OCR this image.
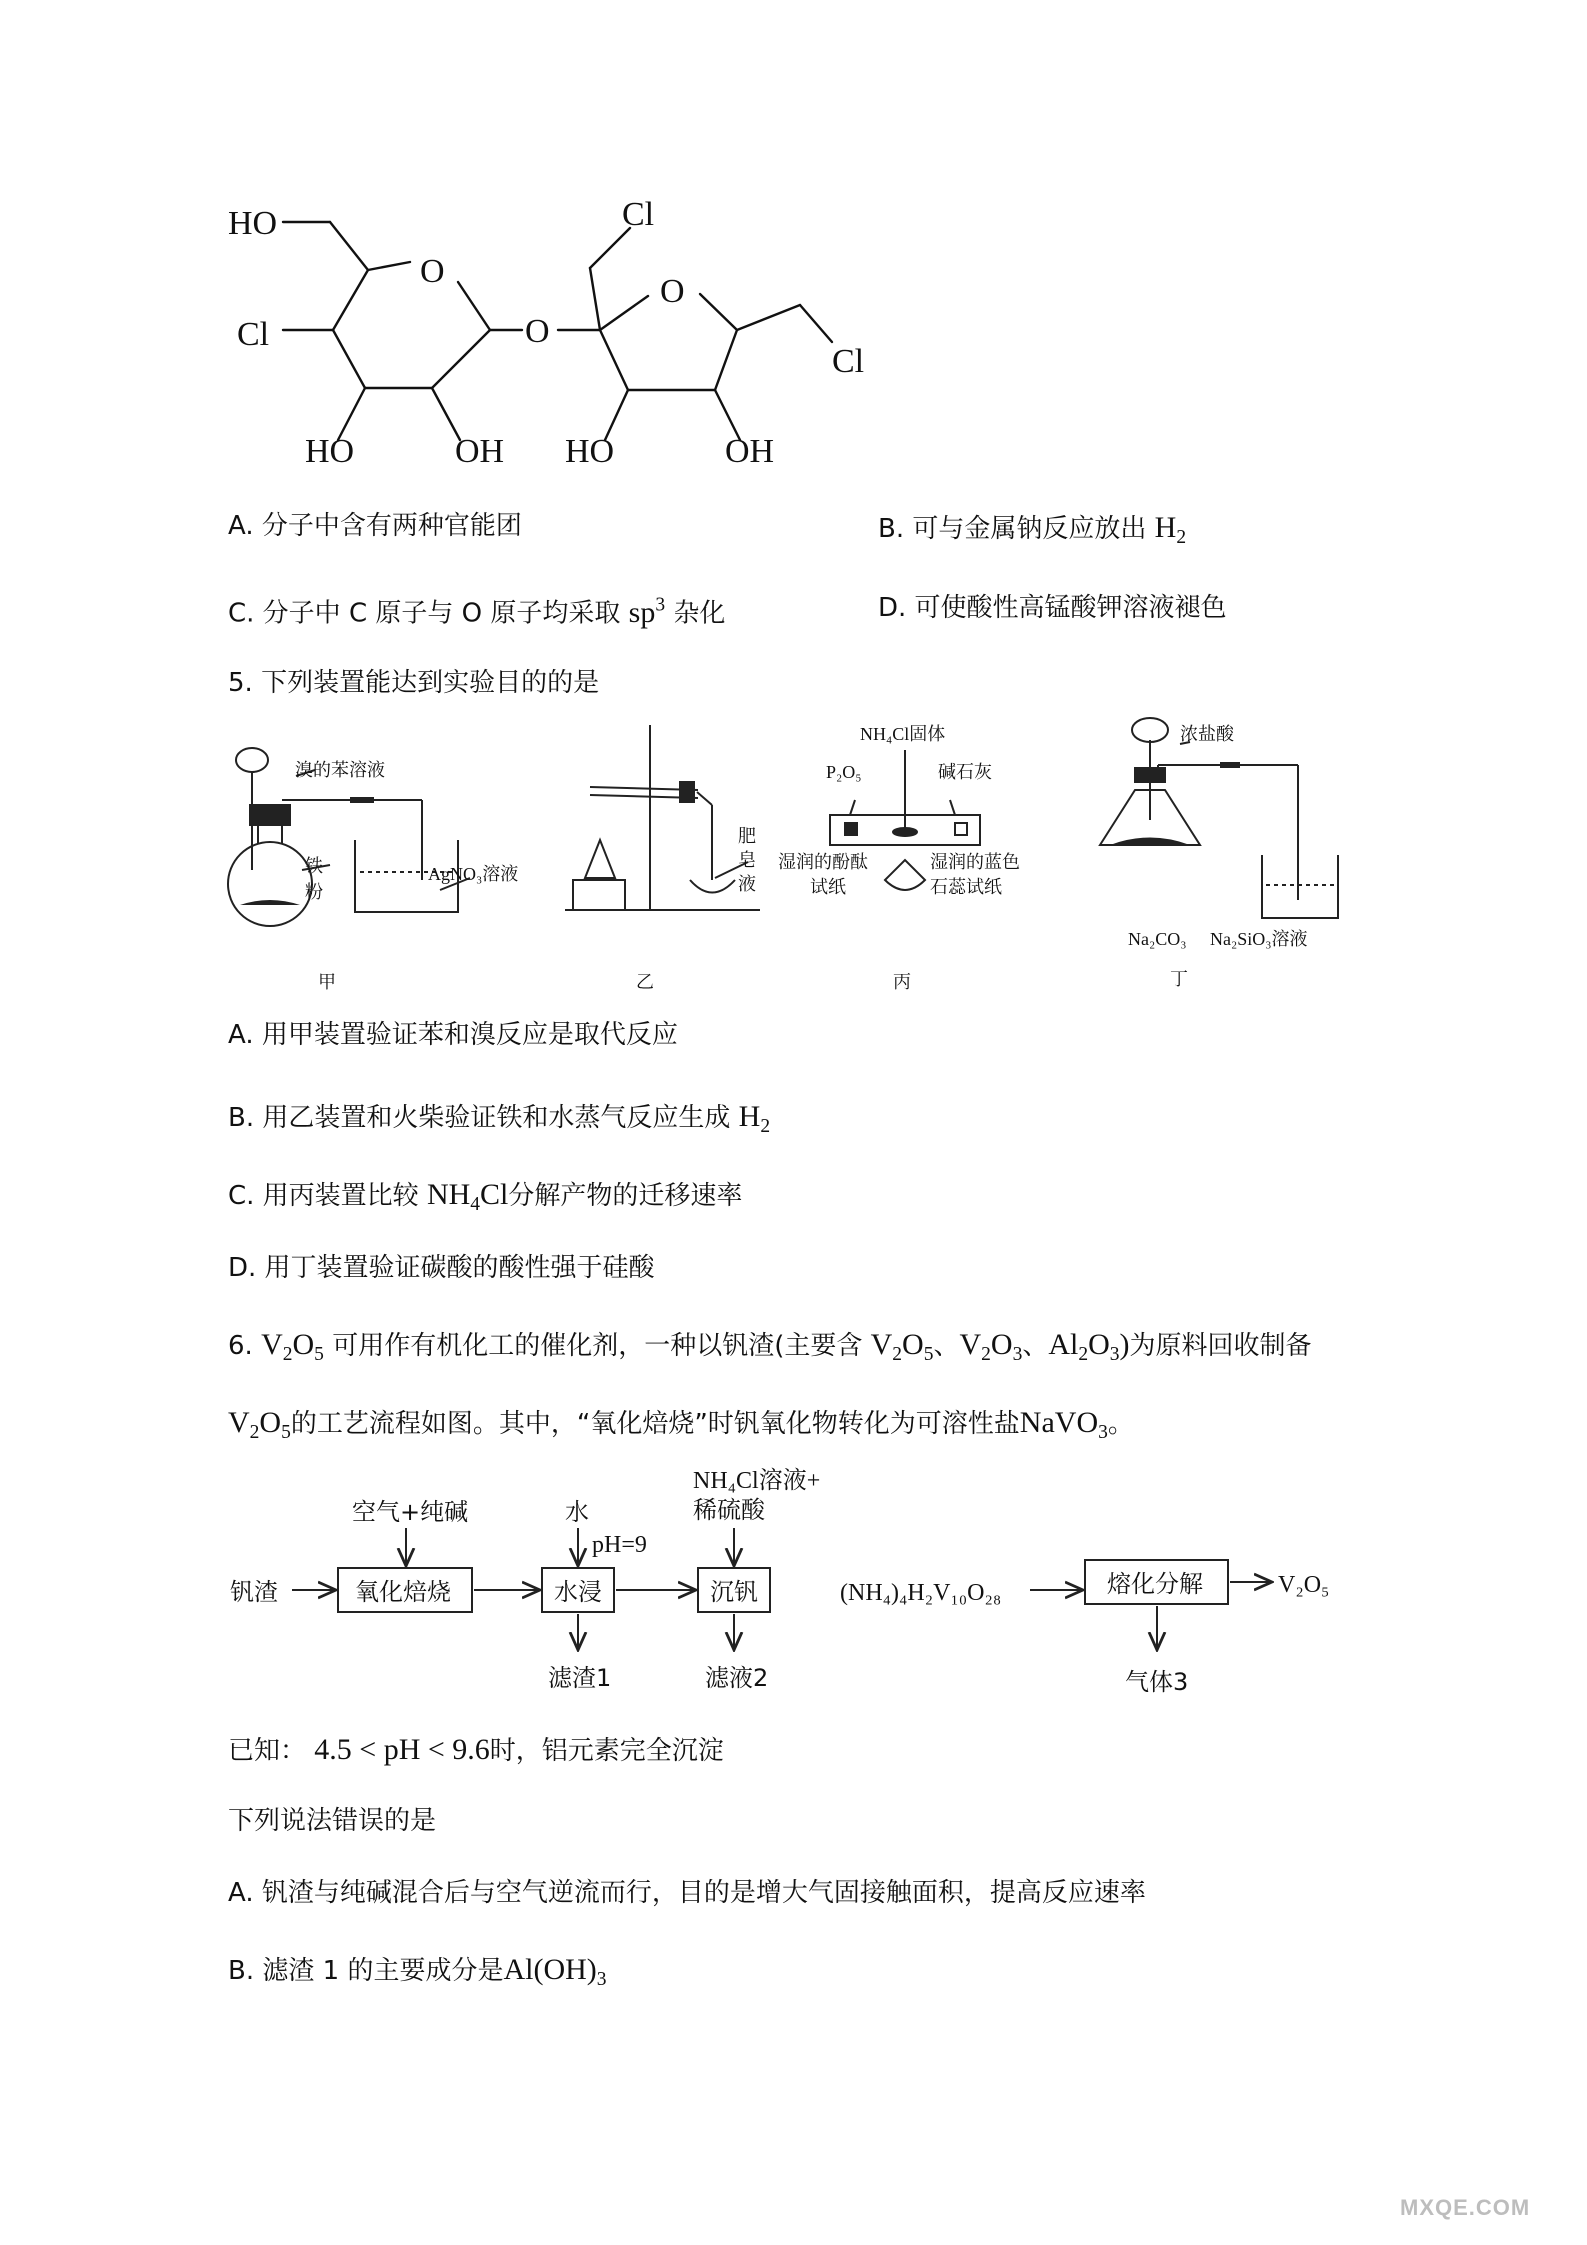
HO
O
Cl	O
HO	OH
Cl
O
Cl
HO	OH
A. 分子中含有两种官能团	B. 可与金属钠反应放出 $H_2$
C. 分子中 C 原子与 O 原子均采取 $sp^3$ 杂化	D. 可使酸性高锰酸钾溶液褪色
5. 下列装置能达到实验目的的是
溴的苯溶液
铁
粉
AgNO₃溶液
甲
肥
皂
液
乙
NH₄Cl固体
P₂O₅	碱石灰
湿润的酚酞
试纸
湿润的蓝色
石蕊试纸
丙
浓盐酸
Na₂CO₃ Na₂SiO₃溶液
丁
A. 用甲装置验证苯和溴反应是取代反应
B. 用乙装置和火柴验证铁和水蒸气反应生成 $H_2$
C. 用丙装置比较 $NH_4Cl$分解产物的迁移速率
D. 用丁装置验证碳酸的酸性强于硅酸
6. $V_2O_5$ 可用作有机化工的催化剂，一种以钒渣(主要含 $V_2O_5$、$V_2O_3$、$Al_2O_3$)为原料回收制备
$V_2O_5$的工艺流程如图。其中，“氧化焙烧”时钒氧化物转化为可溶性盐NaVO$_3$。
钒渣
空气+纯碱
氧化焙烧
水
pH=9
水浸
NH₄Cl溶液+
稀硫酸
沉钒
滤渣1	滤液2
(NH₄)₄H₂V₁₀O₂₈	熔化分解	V₂O₅
气体3
已知： 4.5 < pH < 9.6时，铝元素完全沉淀
下列说法错误的是
A. 钒渣与纯碱混合后与空气逆流而行，目的是增大气固接触面积，提高反应速率
B. 滤渣 1 的主要成分是$Al(OH)_3$
MXQE.COM
